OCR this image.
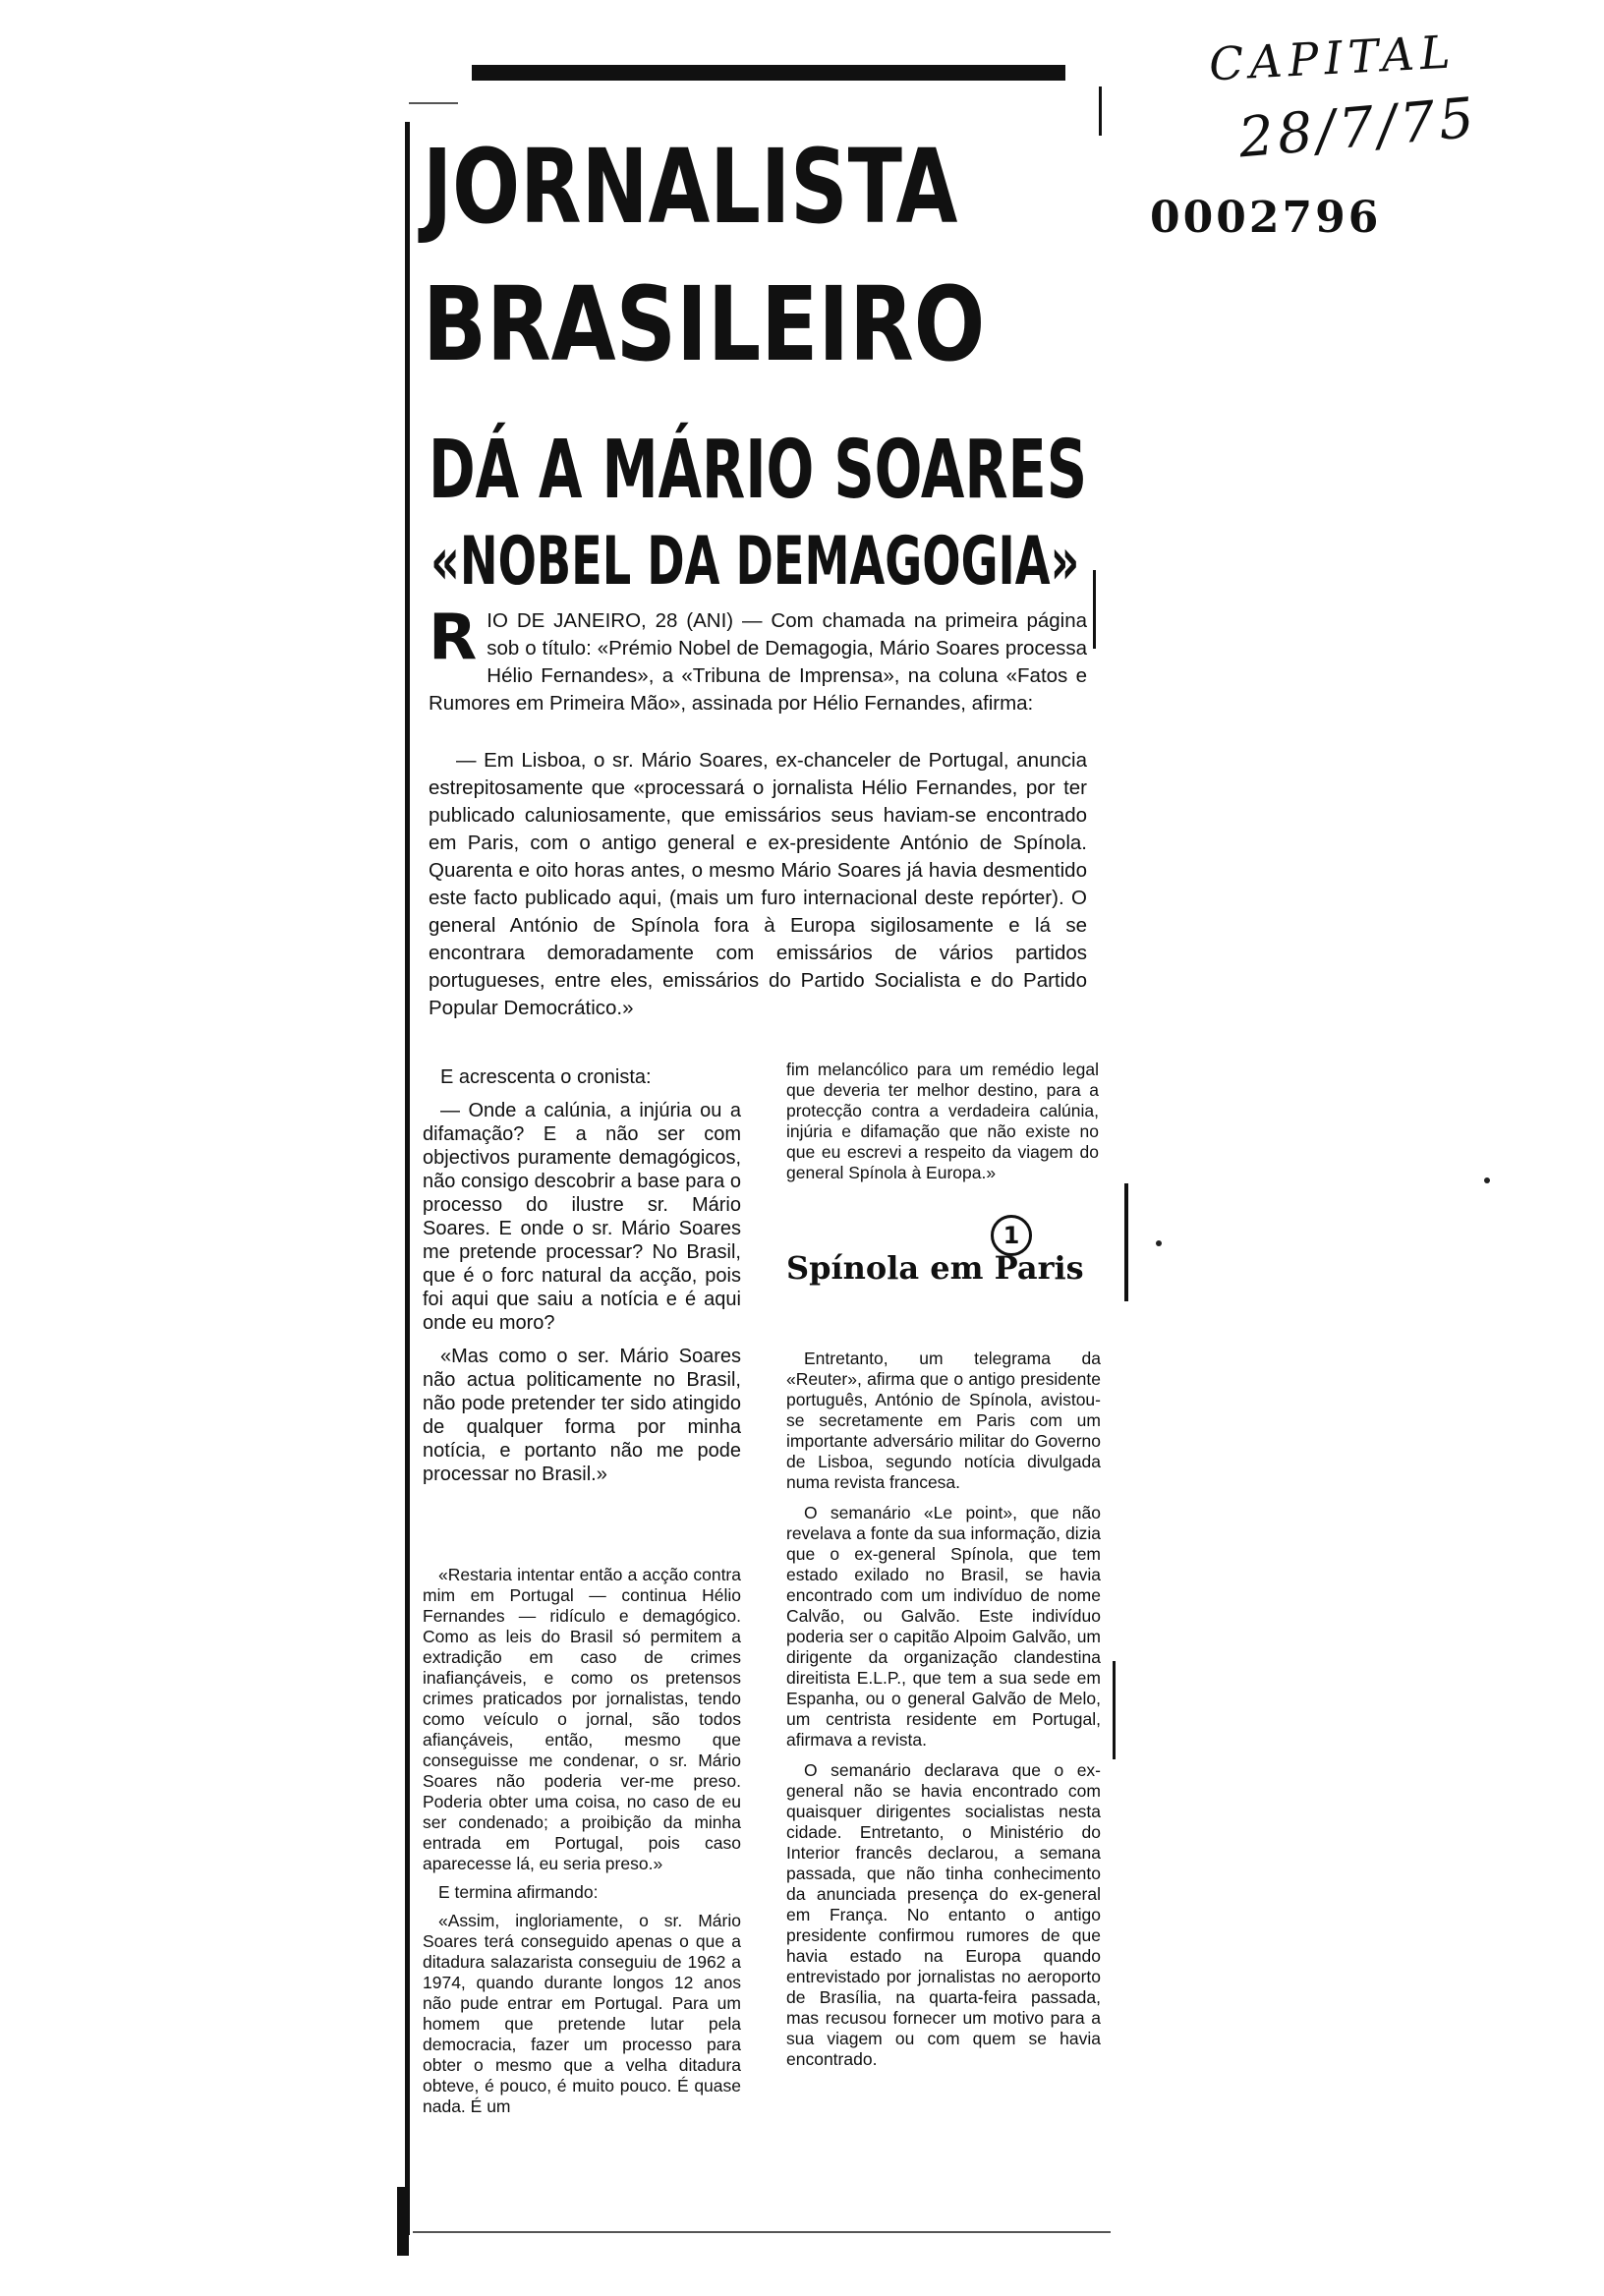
CAPITAL
28/7/75
0002796
JORNALISTA
BRASILEIRO
DÁ A MÁRIO SOARES
«NOBEL DA DEMAGOGIA»
R IO DE JANEIRO, 28 (ANI) — Com chamada na primeira página sob o título: «Prémio Nobel de Demagogia, Mário Soares processa Hélio Fernandes», a «Tribuna de Imprensa», na coluna «Fatos e Rumores em Primeira Mão», assinada por Hélio Fernandes, afirma:

— Em Lisboa, o sr. Mário Soares, ex-chanceler de Portugal, anuncia estrepitosamente que «processará o jornalista Hélio Fernandes, por ter publicado caluniosamente, que emissários seus haviam-se encontrado em Paris, com o antigo general e ex-presidente António de Spínola. Quarenta e oito horas antes, o mesmo Mário Soares já havia desmentido este facto publicado aqui, (mais um furo internacional deste repórter). O general António de Spínola fora à Europa sigilosamente e lá se encontrara demoradamente com emissários de vários partidos portugueses, entre eles, emissários do Partido Socialista e do Partido Popular Democrático.»

E acrescenta o cronista:

— Onde a calúnia, a injúria ou a difamação? E a não ser com objectivos puramente demagógicos, não consigo descobrir a base para o processo do ilustre sr. Mário Soares. E onde o sr. Mário Soares me pretende processar? No Brasil, que é o forc natural da acção, pois foi aqui que saiu a notícia e é aqui onde eu moro?

«Mas como o ser. Mário Soares não actua politicamente no Brasil, não pode pretender ter sido atingido de qualquer forma por minha notícia, e portanto não me pode processar no Brasil.»

«Restaria intentar então a acção contra mim em Portugal — continua Hélio Fernandes — ridículo e demagógico. Como as leis do Brasil só permitem a extradição em caso de crimes inafiançáveis, e como os pretensos crimes praticados por jornalistas, tendo como veículo o jornal, são todos afiançáveis, então, mesmo que conseguisse me condenar, o sr. Mário Soares não poderia ver-me preso. Poderia obter uma coisa, no caso de eu ser condenado; a proibição da minha entrada em Portugal, pois caso aparecesse lá, eu seria preso.»

E termina afirmando:

«Assim, ingloriamente, o sr. Mário Soares terá conseguido apenas o que a ditadura salazarista conseguiu de 1962 a 1974, quando durante longos 12 anos não pude entrar em Portugal. Para um homem que pretende lutar pela democracia, fazer um processo para obter o mesmo que a velha ditadura obteve, é pouco, é muito pouco. É quase nada. É um

fim melancólico para um remédio legal que deveria ter melhor destino, para a protecção contra a verdadeira calúnia, injúria e difamação que não existe no que eu escrevi a respeito da viagem do general Spínola à Europa.»

1
Spínola em Paris

Entretanto, um telegrama da «Reuter», afirma que o antigo presidente português, António de Spínola, avistou-se secretamente em Paris com um importante adversário militar do Governo de Lisboa, segundo notícia divulgada numa revista francesa.

O semanário «Le point», que não revelava a fonte da sua informação, dizia que o ex-general Spínola, que tem estado exilado no Brasil, se havia encontrado com um indivíduo de nome Calvão, ou Galvão. Este indivíduo poderia ser o capitão Alpoim Galvão, um dirigente da organização clandestina direitista E.L.P., que tem a sua sede em Espanha, ou o general Galvão de Melo, um centrista residente em Portugal, afirmava a revista.

O semanário declarava que o ex-general não se havia encontrado com quaisquer dirigentes socialistas nesta cidade. Entretanto, o Ministério do Interior francês declarou, a semana passada, que não tinha conhecimento da anunciada presença do ex-general em França. No entanto o antigo presidente confirmou rumores de que havia estado na Europa quando entrevistado por jornalistas no aeroporto de Brasília, na quarta-feira passada, mas recusou fornecer um motivo para a sua viagem ou com quem se havia encontrado.
